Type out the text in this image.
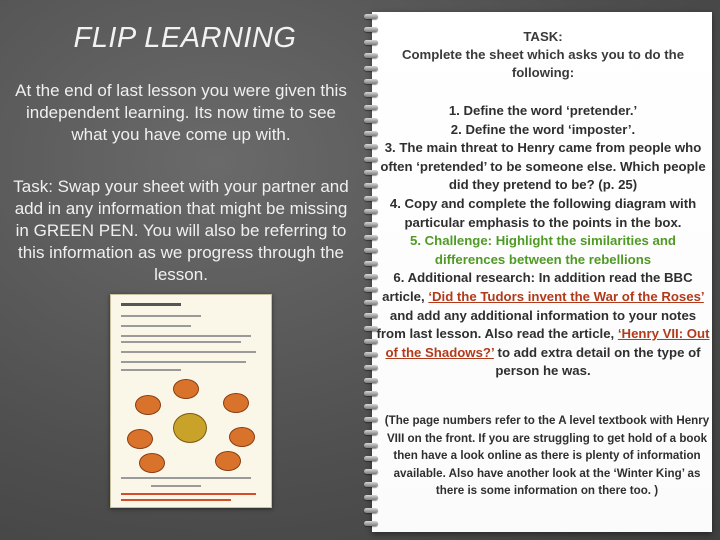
FLIP LEARNING
At the end of last lesson you were given this independent learning. Its now time to see what you have come up with.
Task: Swap your sheet with your partner and add in any information that might be missing in GREEN PEN. You will also be referring to this information as we progress through the lesson.
TASK:
Complete the sheet which asks you to do the following:
1. Define the word ‘pretender.’
2. Define the word ‘imposter’.
3. The main threat to Henry came from people who often ‘pretended’ to be someone else. Which people did they pretend to be? (p. 25)
4. Copy and complete the following diagram with particular emphasis to the points in the box.
5. Challenge: Highlight the similarities and differences between the rebellions
6. Additional research: In addition read the BBC article, ‘Did the Tudors invent the War of the Roses’ and add any additional information to your notes from last lesson. Also read the article, ‘Henry VII: Out of the Shadows?’ to add extra detail on the type of person he was.
(The page numbers refer to the A level textbook with Henry VIII on the front. If you are struggling to get hold of a book then have a look online as there is plenty of information available. Also have another look at the ‘Winter King’ as there is some information on there too. )
